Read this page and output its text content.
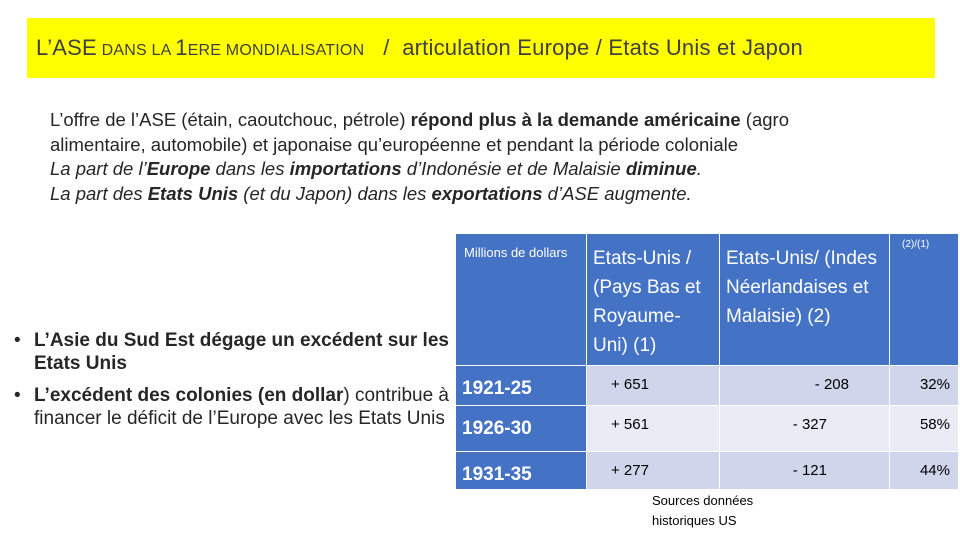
L’ASE DANS LA 1ERE MONDIALISATION   /  articulation Europe / Etats Unis et Japon

L’offre de l’ASE (étain, caoutchouc, pétrole) répond plus à la demande américaine (agro

alimentaire, automobile) et japonaise qu’européenne et pendant la période coloniale

La part de l’Europe dans les importations d’Indonésie et de Malaisie diminue.

La part des Etats Unis (et du Japon) dans les exportations d’ASE augmente.

• L’Asie du Sud Est dégage un excédent sur les Etats Unis
• L’excédent des colonies (en dollar) contribue à financer le déficit de l’Europe avec les Etats Unis
Millions de dollars	Etats-Unis / (Pays Bas et Royaume-Uni) (1)	Etats-Unis/ (Indes Néerlandaises et Malaisie) (2)	(2)/(1)
1921-25	+ 651	- 208	32%
1926-30	+ 561	- 327	58%
1931-35	+ 277	- 121	44%
Sources données historiques US
